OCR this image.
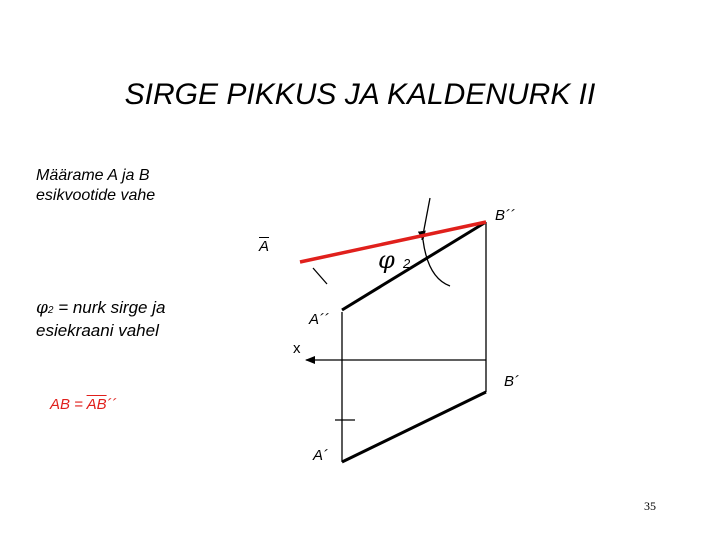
SIRGE PIKKUS JA KALDENURK II
Määrame A ja B
esikvootide vahe
φ2 = nurk sirge ja
esiekraani vahel
AB = $\overline{AB}´´$
B´´
$\overline{A}$
A´´
x
B´
A´
φ 2
35
